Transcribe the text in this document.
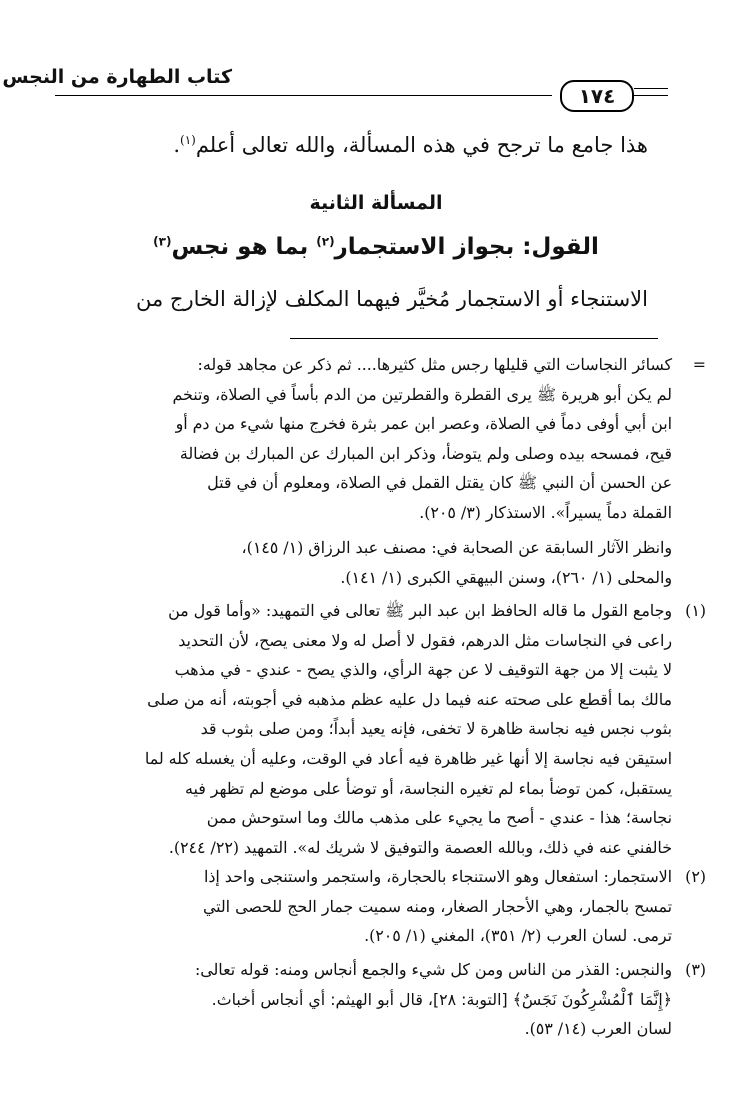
كتاب الطهارة من النجس
١٧٤
هذا جامع ما ترجح في هذه المسألة، والله تعالى أعلم$^{(١)}$.
المسألة الثانية
القول: بجواز الاستجمار$^{(٢)}$ بما هو نجس$^{(٣)}$
الاستنجاء أو الاستجمار مُخيَّر فيهما المكلف لإزالة الخارج من
=

كسائر النجاسات التي قليلها رجس مثل كثيرها.... ثم ذكر عن مجاهد قوله:

لم يكن أبو هريرة ﷺ يرى القطرة والقطرتين من الدم بأساً في الصلاة، وتنخم

ابن أبي أوفى دماً في الصلاة، وعصر ابن عمر بثرة فخرج منها شيء من دم أو

قيح، فمسحه بيده وصلى ولم يتوضأ، وذكر ابن المبارك عن المبارك بن فضالة

عن الحسن أن النبي ﷺ كان يقتل القمل في الصلاة، ومعلوم أن في قتل

القملة دماً يسيراً». الاستذكار (٣/ ٢٠٥).

وانظر الآثار السابقة عن الصحابة في: مصنف عبد الرزاق (١/ ١٤٥)،

والمحلى (١/ ٢٦٠)، وسنن البيهقي الكبرى (١/ ١٤١).

(١)

وجامع القول ما قاله الحافظ ابن عبد البر ﷺ تعالى في التمهيد: «وأما قول من

راعى في النجاسات مثل الدرهم، فقول لا أصل له ولا معنى يصح، لأن التحديد

لا يثبت إلا من جهة التوقيف لا عن جهة الرأي، والذي يصح - عندي - في مذهب

مالك بما أقطع على صحته عنه فيما دل عليه عظم مذهبه في أجوبته، أنه من صلى

بثوب نجس فيه نجاسة ظاهرة لا تخفى، فإنه يعيد أبداً؛ ومن صلى بثوب قد

استيقن فيه نجاسة إلا أنها غير ظاهرة فيه أعاد في الوقت، وعليه أن يغسله كله لما

يستقبل، كمن توضأ بماء لم تغيره النجاسة، أو توضأ على موضع لم تظهر فيه

نجاسة؛ هذا - عندي - أصح ما يجيء على مذهب مالك وما استوحش ممن

خالفني عنه في ذلك، وبالله العصمة والتوفيق لا شريك له». التمهيد (٢٢/ ٢٤٤).

(٢)

الاستجمار: استفعال وهو الاستنجاء بالحجارة، واستجمر واستنجى واحد إذا

تمسح بالجمار، وهي الأحجار الصغار، ومنه سميت جمار الحج للحصى التي

ترمى. لسان العرب (٢/ ٣٥١)، المغني (١/ ٢٠٥).

(٣)

والنجس: القذر من الناس ومن كل شيء والجمع أنجاس ومنه: قوله تعالى:

﴿إِنَّمَا ٱلْمُشْرِكُونَ نَجَسٌ﴾ [التوبة: ٢٨]، قال أبو الهيثم: أي أنجاس أخباث.

لسان العرب (١٤/ ٥٣).
